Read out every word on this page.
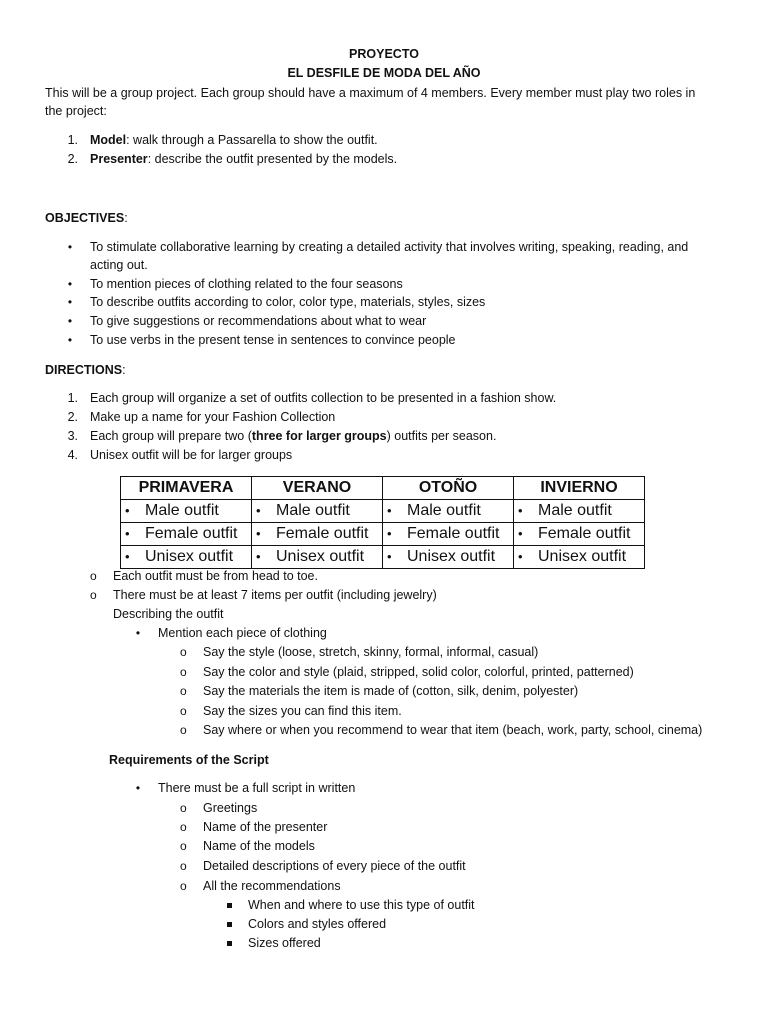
PROYECTO
EL DESFILE DE MODA DEL AÑO
This will be a group project. Each group should have a maximum of 4 members. Every member must play two roles in
the project:
1. Model: walk through a Passarella to show the outfit.
2. Presenter: describe the outfit presented by the models.
OBJECTIVES:
• To stimulate collaborative learning by creating a detailed activity that involves writing, speaking, reading, and
acting out.
• To mention pieces of clothing related to the four seasons
• To describe outfits according to color, color type, materials, styles, sizes
• To give suggestions or recommendations about what to wear
• To use verbs in the present tense in sentences to convince people
DIRECTIONS:
1. Each group will organize a set of outfits collection to be presented in a fashion show.
2. Make up a name for your Fashion Collection
3. Each group will prepare two (three for larger groups) outfits per season.
4. Unisex outfit will be for larger groups
PRIMAVERA	VERANO	OTOÑO	INVIERNO
• Male outfit	• Male outfit	• Male outfit	• Male outfit
• Female outfit	• Female outfit	• Female outfit	• Female outfit
• Unisex outfit	• Unisex outfit	• Unisex outfit	• Unisex outfit
o Each outfit must be from head to toe.
o There must be at least 7 items per outfit (including jewelry)
Describing the outfit
• Mention each piece of clothing
o Say the style (loose, stretch, skinny, formal, informal, casual)
o Say the color and style (plaid, stripped, solid color, colorful, printed, patterned)
o Say the materials the item is made of (cotton, silk, denim, polyester)
o Say the sizes you can find this item.
o Say where or when you recommend to wear that item (beach, work, party, school, cinema)
Requirements of the Script
• There must be a full script in written
o Greetings
o Name of the presenter
o Name of the models
o Detailed descriptions of every piece of the outfit
o All the recommendations
When and where to use this type of outfit
Colors and styles offered
Sizes offered
